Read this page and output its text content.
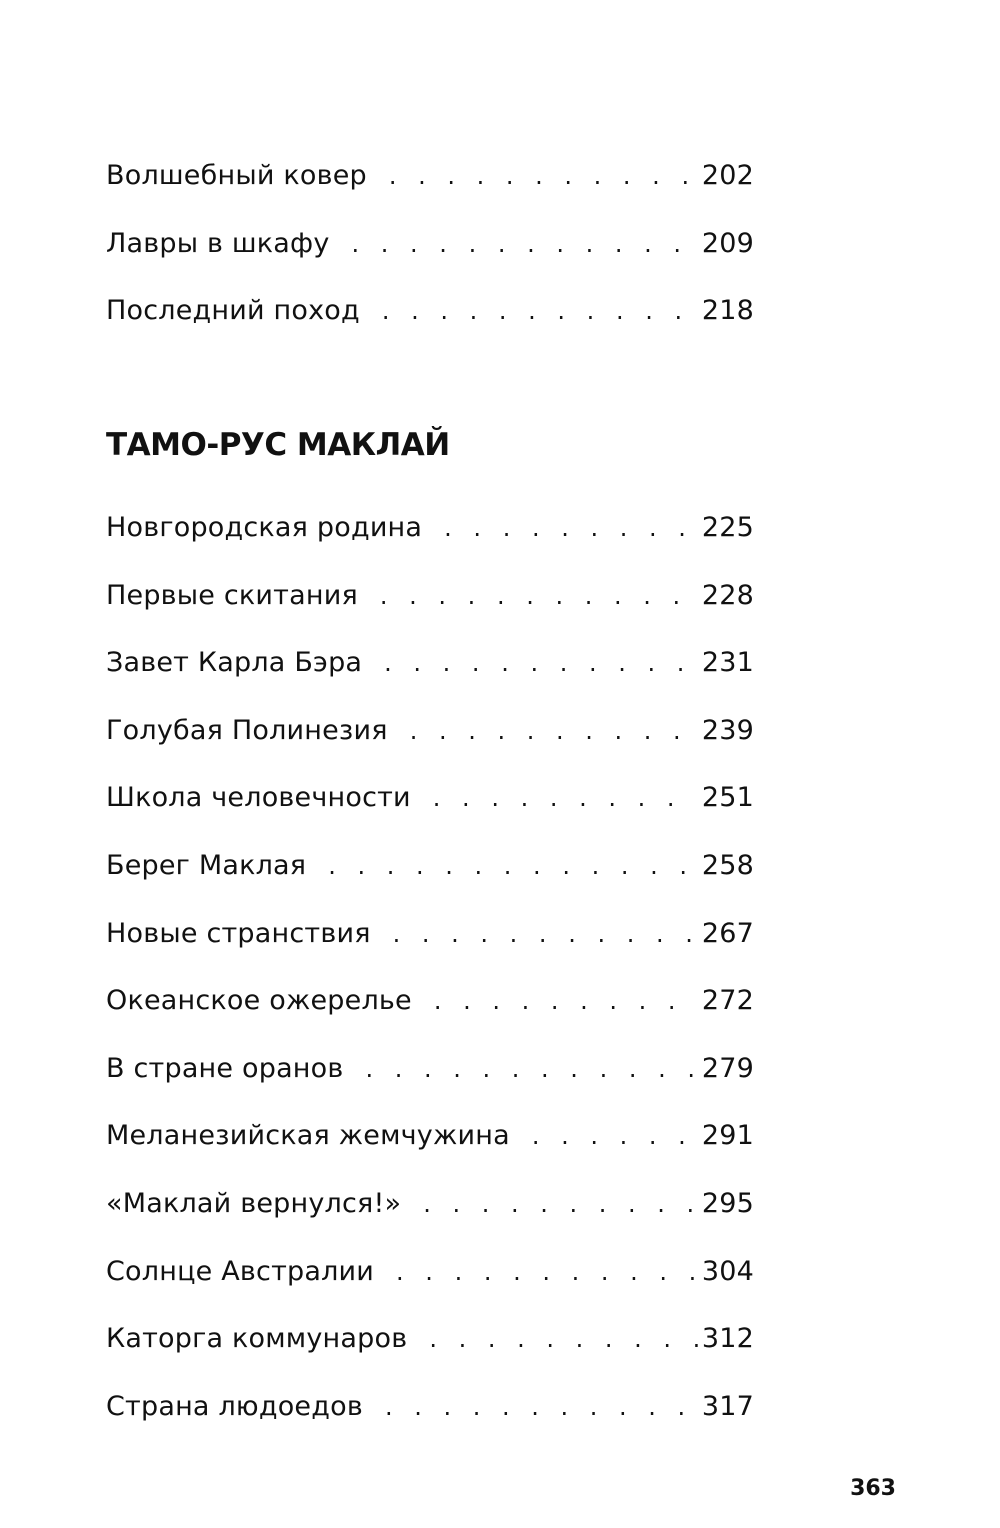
Волшебный ковер . . .	202
Лавры в шкафу . . .	209
Последний поход . . .	218
ТАМО-РУС МАКЛАЙ
Новгородская родина . . .	225
Первые скитания . . .	228
Завет Карла Бэра . . .	231
Голубая Полинезия . . .	239
Школа человечности . . .	251
Берег Маклая . . .	258
Новые странствия . . .	267
Океанское ожерелье . . .	272
В стране оранов . . .	279
Меланезийская жемчужина . . .	291
«Маклай вернулся!» . . .	295
Солнце Австралии . . .	304
Каторга коммунаров . . .	312
Страна людоедов . . .	317
363
